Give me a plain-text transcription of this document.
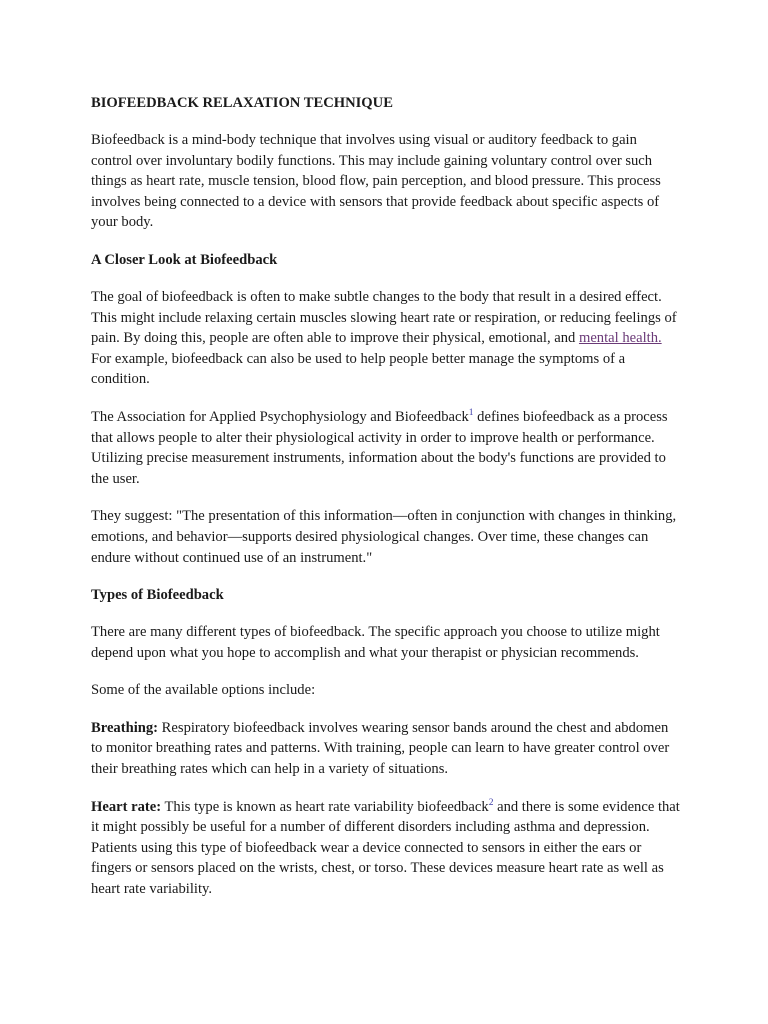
BIOFEEDBACK RELAXATION TECHNIQUE

Biofeedback is a mind-body technique that involves using visual or auditory feedback to gain control over involuntary bodily functions. This may include gaining voluntary control over such things as heart rate, muscle tension, blood flow, pain perception, and blood pressure. This process involves being connected to a device with sensors that provide feedback about specific aspects of your body.

A Closer Look at Biofeedback

The goal of biofeedback is often to make subtle changes to the body that result in a desired effect. This might include relaxing certain muscles slowing heart rate or respiration, or reducing feelings of pain. By doing this, people are often able to improve their physical, emotional, and mental health. For example, biofeedback can also be used to help people better manage the symptoms of a condition.

The Association for Applied Psychophysiology and Biofeedback$^1$ defines biofeedback as a process that allows people to alter their physiological activity in order to improve health or performance. Utilizing precise measurement instruments, information about the body's functions are provided to the user.

They suggest: "The presentation of this information—often in conjunction with changes in thinking, emotions, and behavior—supports desired physiological changes. Over time, these changes can endure without continued use of an instrument."

Types of Biofeedback

There are many different types of biofeedback. The specific approach you choose to utilize might depend upon what you hope to accomplish and what your therapist or physician recommends.

Some of the available options include:

Breathing: Respiratory biofeedback involves wearing sensor bands around the chest and abdomen to monitor breathing rates and patterns. With training, people can learn to have greater control over their breathing rates which can help in a variety of situations.

Heart rate: This type is known as heart rate variability biofeedback$^2$ and there is some evidence that it might possibly be useful for a number of different disorders including asthma and depression. Patients using this type of biofeedback wear a device connected to sensors in either the ears or fingers or sensors placed on the wrists, chest, or torso. These devices measure heart rate as well as heart rate variability.
